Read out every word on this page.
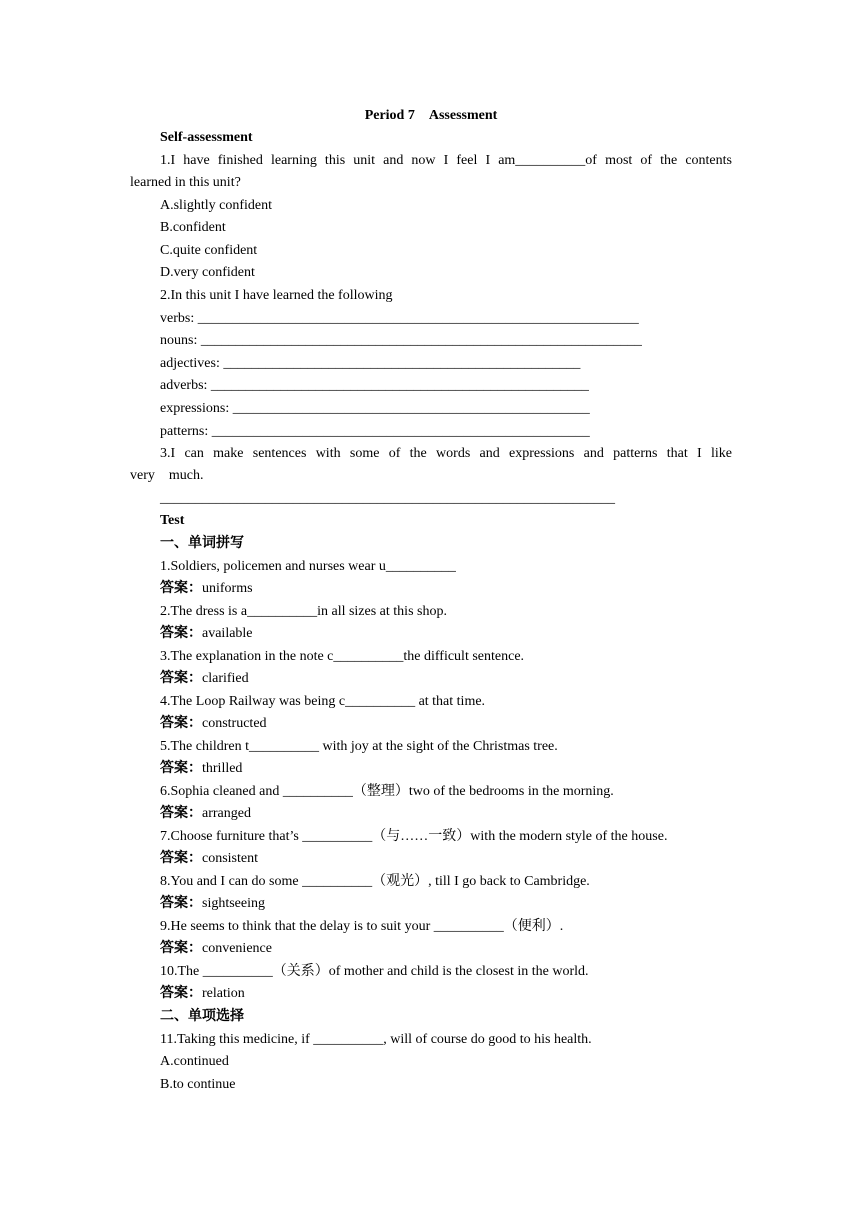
Period 7　Assessment
Self-assessment
1.I have finished learning this unit and now I feel I am__________of most of the contents
learned in this unit?
A.slightly confident
B.confident
C.quite confident
D.very confident
2.In this unit I have learned the following
verbs: _______________________________________________________________
nouns: _______________________________________________________________
adjectives: ___________________________________________________
adverbs: ______________________________________________________
expressions: ___________________________________________________
patterns: ______________________________________________________
3.I can make sentences with some of the words and expressions and patterns that I like
very　much.
_________________________________________________________________
Test
一、单词拼写
1.Soldiers, policemen and nurses wear u__________
答案：uniforms
2.The dress is a__________in all sizes at this shop.
答案：available
3.The explanation in the note c__________the difficult sentence.
答案：clarified
4.The Loop Railway was being c__________ at that time.
答案：constructed
5.The children t__________ with joy at the sight of the Christmas tree.
答案：thrilled
6.Sophia cleaned and __________（整理）two of the bedrooms in the morning.
答案：arranged
7.Choose furniture that’s __________（与……一致）with the modern style of the house.
答案：consistent
8.You and I can do some __________（观光）, till I go back to Cambridge.
答案：sightseeing
9.He seems to think that the delay is to suit your __________（便利）.
答案：convenience
10.The __________（关系）of mother and child is the closest in the world.
答案：relation
二、单项选择
11.Taking this medicine, if __________, will of course do good to his health.
A.continued
B.to continue
